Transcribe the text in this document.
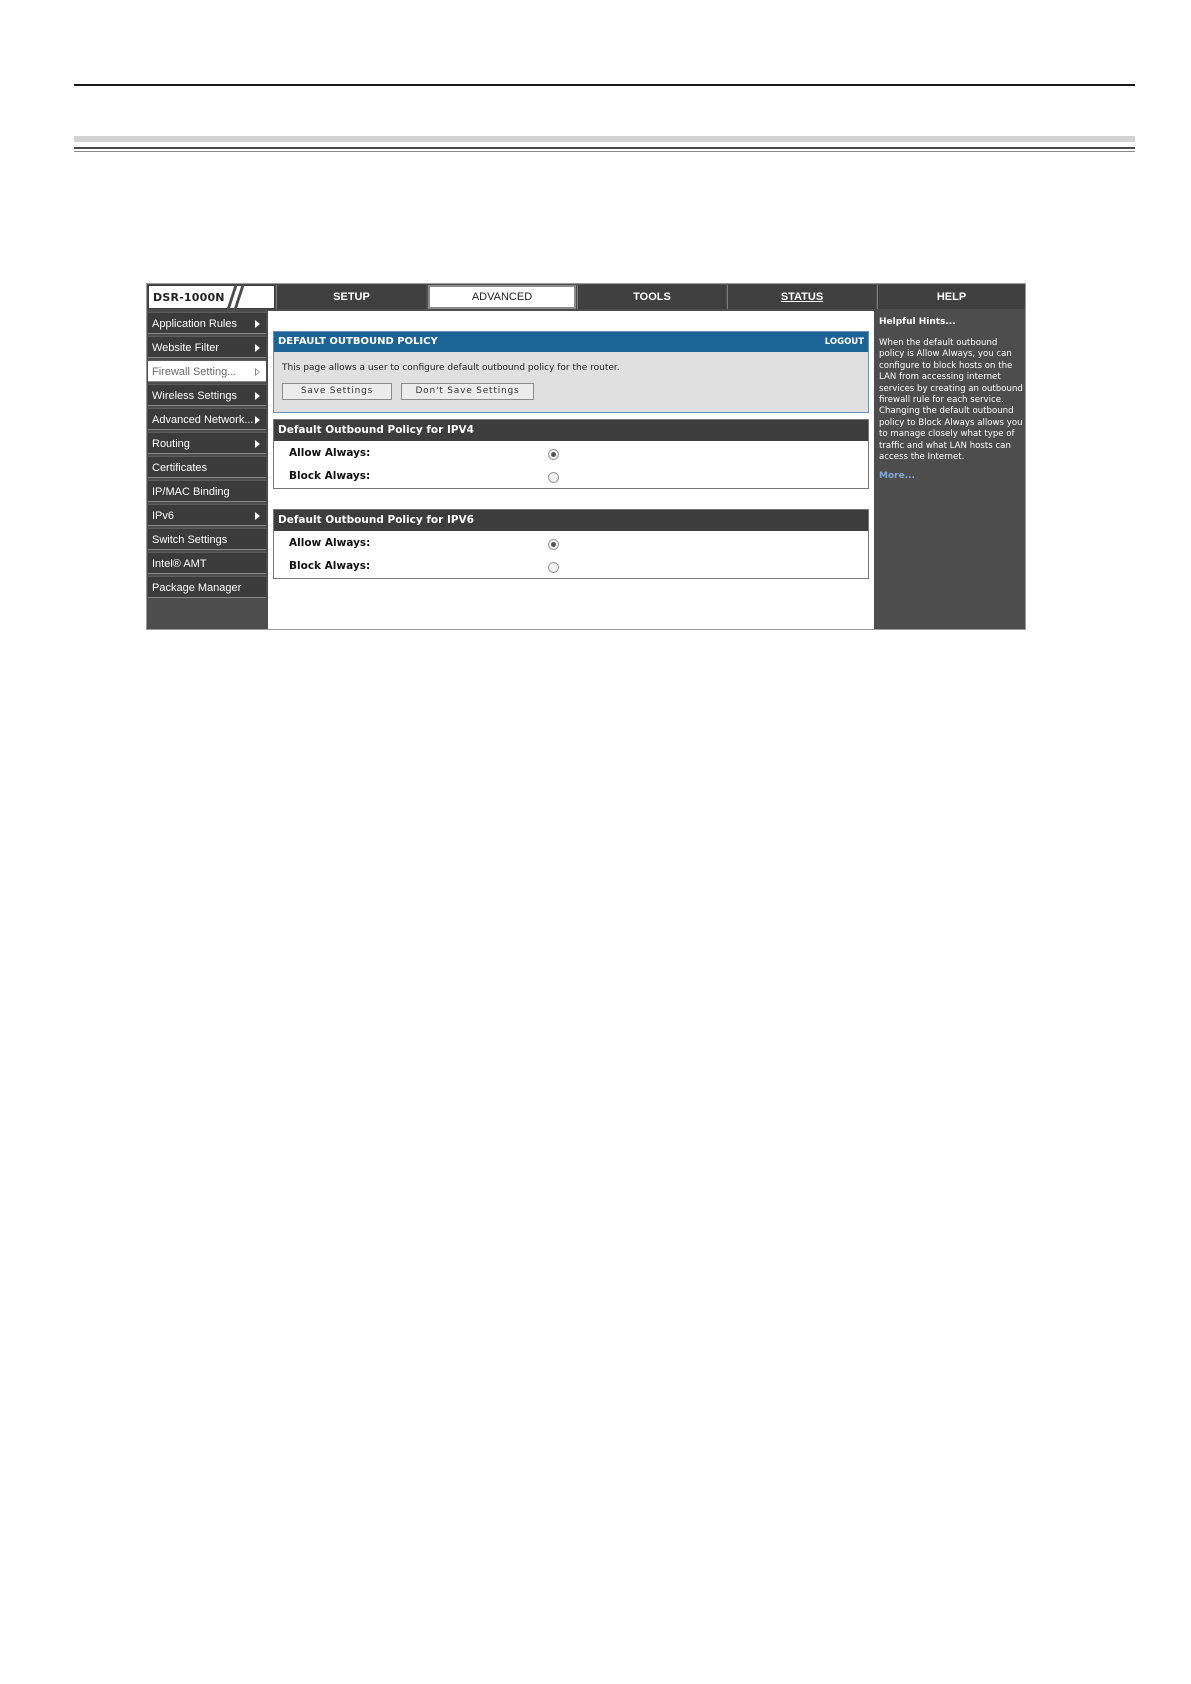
DSR-1000N	SETUP	ADVANCED	TOOLS	STATUS	HELP
Application Rules
Website Filter
Firewall Setting...
Wireless Settings
Advanced Network...
Routing
Certificates
IP/MAC Binding
IPv6
Switch Settings
Intel® AMT
Package Manager
DEFAULT OUTBOUND POLICY	LOGOUT
This page allows a user to configure default outbound policy for the router.
Save Settings	Don't Save Settings
Default Outbound Policy for IPV4
Allow Always:
Block Always:
Default Outbound Policy for IPV6
Allow Always:
Block Always:
Helpful Hints...
When the default outbound policy is Allow Always, you can configure to block hosts on the LAN from accessing internet services by creating an outbound firewall rule for each service. Changing the default outbound policy to Block Always allows you to manage closely what type of traffic and what LAN hosts can access the Internet.
More...
